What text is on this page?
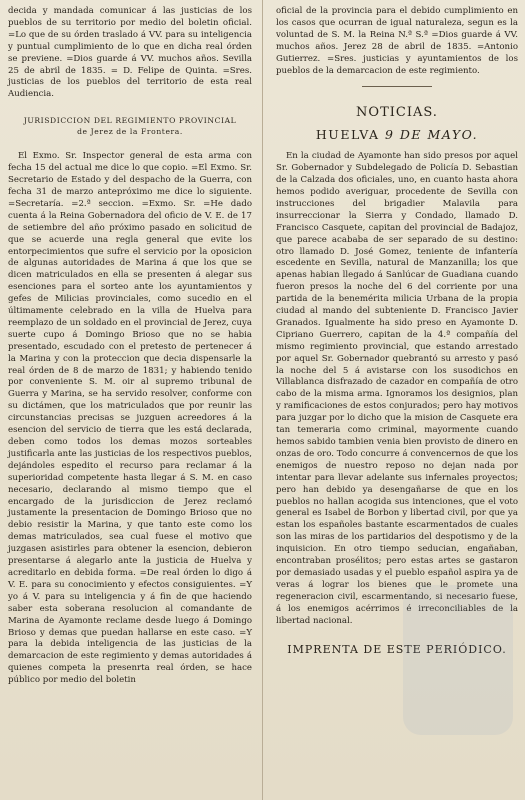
decida y mandada comunicar á las justicias de los pueblos de su territorio por medio del boletin oficial. =Lo que de su órden traslado á VV. para su inteligencia y puntual cumplimiento de lo que en dicha real órden se previene. =Dios guarde á VV. muchos años. Sevilla 25 de abril de 1835. = D. Felipe de Quinta. =Sres. justicias de los pueblos del territorio de esta real Audiencia.

JURISDICCION DEL REGIMIENTO PROVINCIAL
de Jerez de la Frontera.

El Exmo. Sr. Inspector general de esta arma con fecha 15 del actual me dice lo que copio. =El Exmo. Sr. Secretario de Estado y del despacho de la Guerra, con fecha 31 de marzo antepróximo me dice lo siguiente. =Secretaría. =2.ª seccion. =Exmo. Sr. =He dado cuenta á la Reina Gobernadora del oficio de V. E. de 17 de setiembre del año próximo pasado en solicitud de que se acuerde una regla general que evite los entorpecimientos que sufre el servicio por la oposicion de algunas autoridades de Marina á que los que se dicen matriculados en ella se presenten á alegar sus esenciones para el sorteo ante los ayuntamientos y gefes de Milicias provinciales, como sucedio en el últimamente celebrado en la villa de Huelva para reemplazo de un soldado en el provincial de Jerez, cuya suerte cupo á Domingo Brioso que no se habia presentado, escudado con el pretesto de pertenecer á la Marina y con la proteccion que decia dispensarle la real órden de 8 de marzo de 1831; y habiendo tenido por conveniente S. M. oir al supremo tribunal de Guerra y Marina, se ha servido resolver, conforme con su dictámen, que los matriculados que por reunir las circunstancias precisas se juzguen acreedores á la esencion del servicio de tierra que les está declarada, deben como todos los demas mozos sorteables justificarla ante las justicias de los respectivos pueblos, dejándoles espedito el recurso para reclamar á la superioridad competente hasta llegar á S. M. en caso necesario, declarando al mismo tiempo que el encargado de la jurisdiccion de Jerez reclamó justamente la presentacion de Domingo Brioso que no debio resistir la Marina, y que tanto este como los demas matriculados, sea cual fuese el motivo que juzgasen asistirles para obtener la esencion, debieron presentarse á alegarlo ante la justicia de Huelva y acreditarlo en debida forma. =De real órden lo digo á V. E. para su conocimiento y efectos consiguientes. =Y yo á V. para su inteligencia y á fin de que haciendo saber esta soberana resolucion al comandante de Marina de Ayamonte reclame desde luego á Domingo Brioso y demas que puedan hallarse en este caso. =Y para la debida inteligencia de las justicias de la demarcacion de este regimiento y demas autoridades á quienes competa la presenrta real órden, se hace público por medio del boletin

oficial de la provincia para el debido cumplimiento en los casos que ocurran de igual naturaleza, segun es la voluntad de S. M. la Reina N.ª S.ª =Dios guarde á VV. muchos años. Jerez 28 de abril de 1835. =Antonio Gutierrez. =Sres. justicias y ayuntamientos de los pueblos de la demarcacion de este regimiento.

NOTICIAS.
HUELVA 9 DE MAYO.

En la ciudad de Ayamonte han sido presos por aquel Sr. Gobernador y Subdelegado de Policía D. Sebastian de la Calzada dos oficiales, uno, en cuanto hasta ahora hemos podido averiguar, procedente de Sevilla con instrucciones del brigadier Malavila para insurreccionar la Sierra y Condado, llamado D. Francisco Casquete, capitan del provincial de Badajoz, que parece acababa de ser separado de su destino: otro llamado D. José Gomez, teniente de infantería escedente en Sevilla, natural de Manzanilla; los que apenas habian llegado á Sanlúcar de Guadiana cuando fueron presos la noche del 6 del corriente por una partida de la benemérita milicia Urbana de la propia ciudad al mando del subteniente D. Francisco Javier Granados. Igualmente ha sido preso en Ayamonte D. Cipriano Guerrero, capitan de la 4.ª compañía del mismo regimiento provincial, que estando arrestado por aquel Sr. Gobernador quebrantó su arresto y pasó la noche del 5 á avistarse con los susodichos en Villablanca disfrazado de cazador en compañía de otro cabo de la misma arma. Ignoramos los designios, plan y ramificaciones de estos conjurados; pero hay motivos para juzgar por lo dicho que la mision de Casquete era tan temeraria como criminal, mayormente cuando hemos sabido tambien venia bien provisto de dinero en onzas de oro. Todo concurre á convencernos de que los enemigos de nuestro reposo no dejan nada por intentar para llevar adelante sus infernales proyectos; pero han debido ya desengañarse de que en los pueblos no hallan acogida sus intenciones, que el voto general es Isabel de Borbon y libertad civil, por que ya estan los españoles bastante escarmentados de cuales son las miras de los partidarios del despotismo y de la inquisicion. En otro tiempo seducian, engañaban, encontraban prosélitos; pero estas artes se gastaron por demasiado usadas y el pueblo español aspira ya de veras á lograr los bienes que le promete una regeneracion civil, escarmentando, si necesario fuese, á los enemigos acérrimos é irreconciliables de la libertad nacional.

IMPRENTA DE ESTE PERIÓDICO.
